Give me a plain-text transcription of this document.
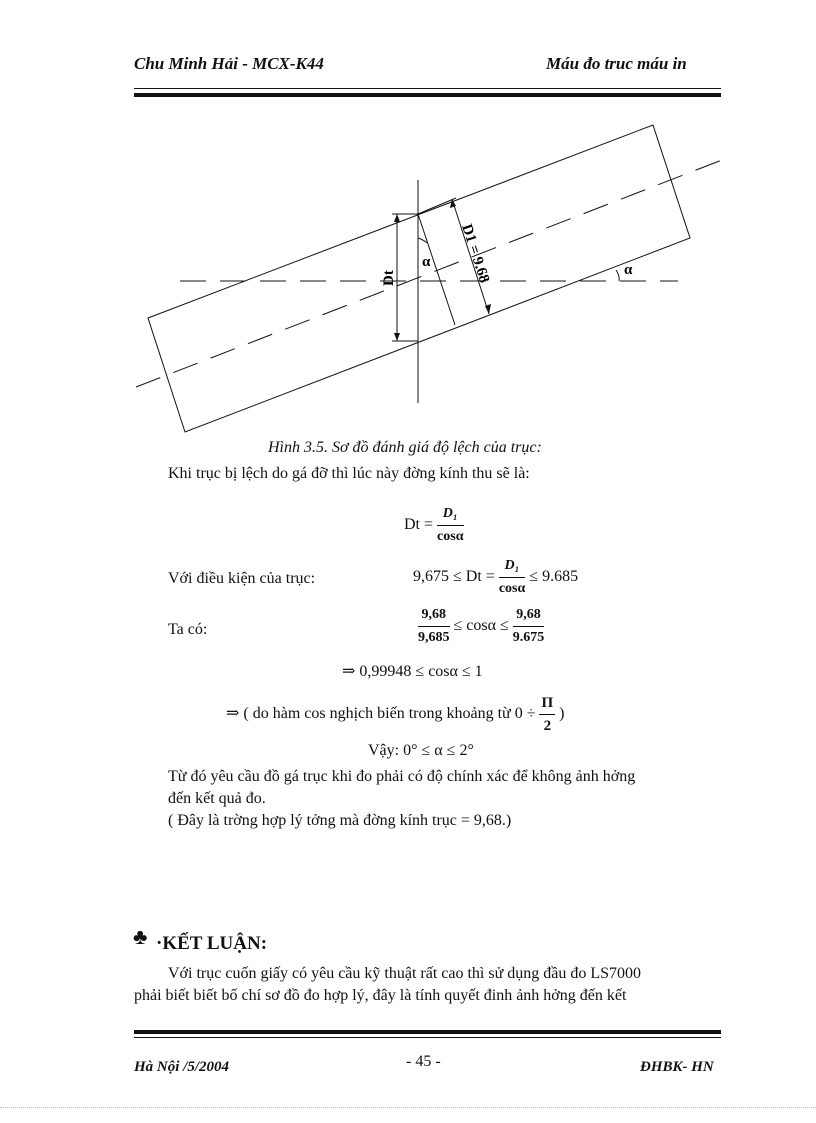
Chu Minh Hải - MCX-K44	Máu đo truc máu in
Dt
α	α
D1 = 9.68
Hình 3.5. Sơ đồ đánh giá độ lệch của trục:
Khi trục bị lệch do gá đỡ thì lúc này đờng kính thu sẽ là:
$Dt = \frac{\text{D₁}}{\cos\alpha}$
Với điều kiện của trục:	$9,675 \le Dt = \frac{\text{D₁}}{\cos\alpha} \le 9.685$
Ta có:	$\frac{9,68}{9,685} \le \cos\alpha \le \frac{9,68}{9.675}$
⇒ 0,99948 ≤ cosα ≤ 1
⇒ ( do hàm cos nghịch biến trong khoảng từ $0 \div \frac{\Pi}{2}$ )
Vậy: 0° ≤ α ≤ 2°
Từ đó yêu cầu đồ gá trục khi đo phải có độ chính xác để không ảnh hởng
đến kết quả đo.
( Đây là trờng hợp lý tởng mà đờng kính trục = 9,68.)
♣ ·KẾT LUẬN:
Với trục cuốn giấy có yêu cầu kỹ thuật rất cao thì sử dụng đầu đo LS7000
phải biết biết bố chí sơ đồ đo hợp lý, đây là tính quyết đinh ảnh hởng đến kết
Hà Nội /5/2004	- 45 -	ĐHBK- HN
